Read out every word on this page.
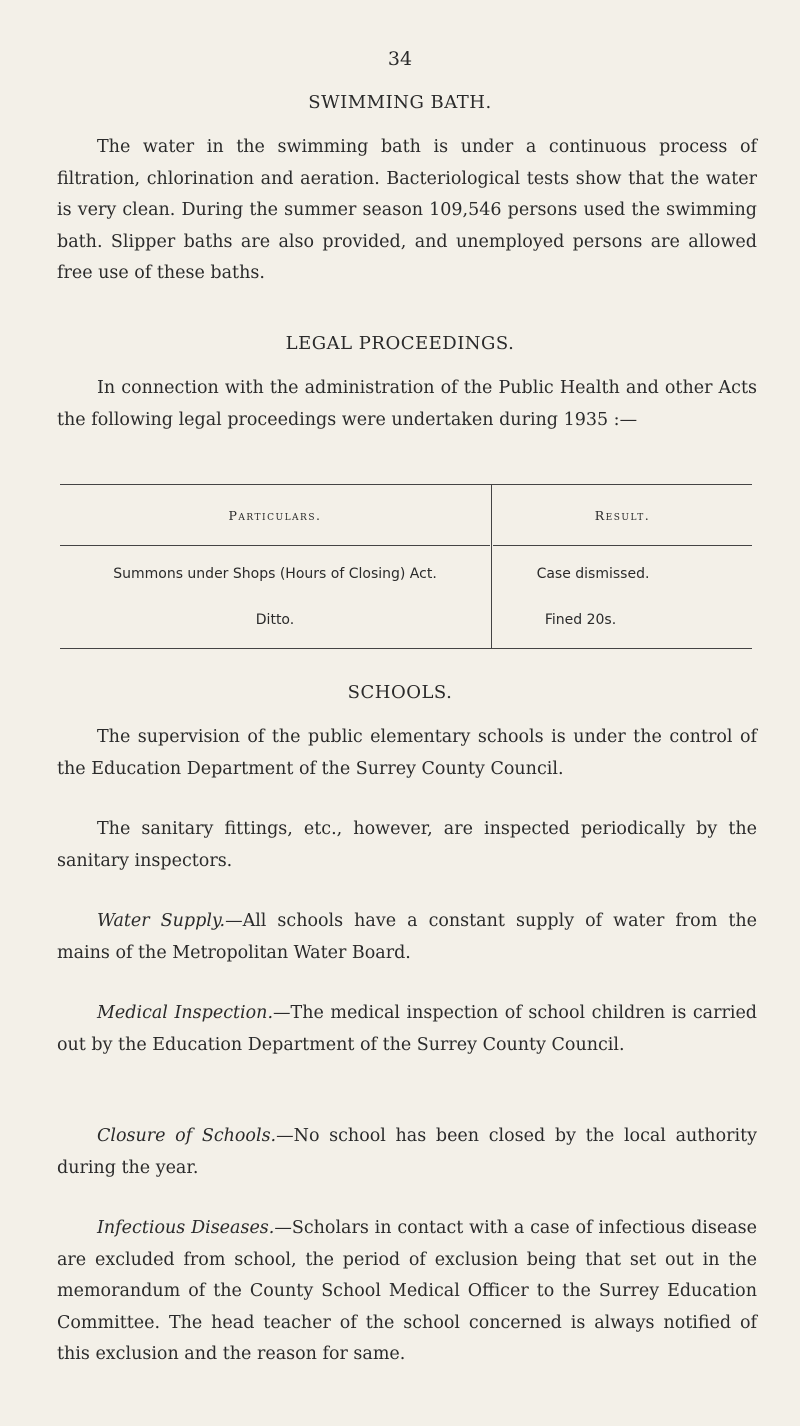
34
SWIMMING BATH.

The water in the swimming bath is under a continuous process of filtration, chlorination and aeration. Bacteriological tests show that the water is very clean. During the summer season 109,546 persons used the swimming bath. Slipper baths are also provided, and unemployed persons are allowed free use of these baths.

LEGAL PROCEEDINGS.

In connection with the administration of the Public Health and other Acts the following legal proceedings were undertaken during 1935 :—

Particulars.	Result.
Summons under Shops (Hours of Closing) Act.	Case dismissed.
Ditto.	Fined 20s.
SCHOOLS.

The supervision of the public elementary schools is under the control of the Education Department of the Surrey County Council.

The sanitary fittings, etc., however, are inspected periodically by the sanitary inspectors.

Water Supply.—All schools have a constant supply of water from the mains of the Metropolitan Water Board.

Medical Inspection.—The medical inspection of school children is carried out by the Education Department of the Surrey County Council.

Closure of Schools.—No school has been closed by the local authority during the year.

Infectious Diseases.—Scholars in contact with a case of infectious disease are excluded from school, the period of exclusion being that set out in the memorandum of the County School Medical Officer to the Surrey Education Committee. The head teacher of the school concerned is always notified of this exclusion and the reason for same.
